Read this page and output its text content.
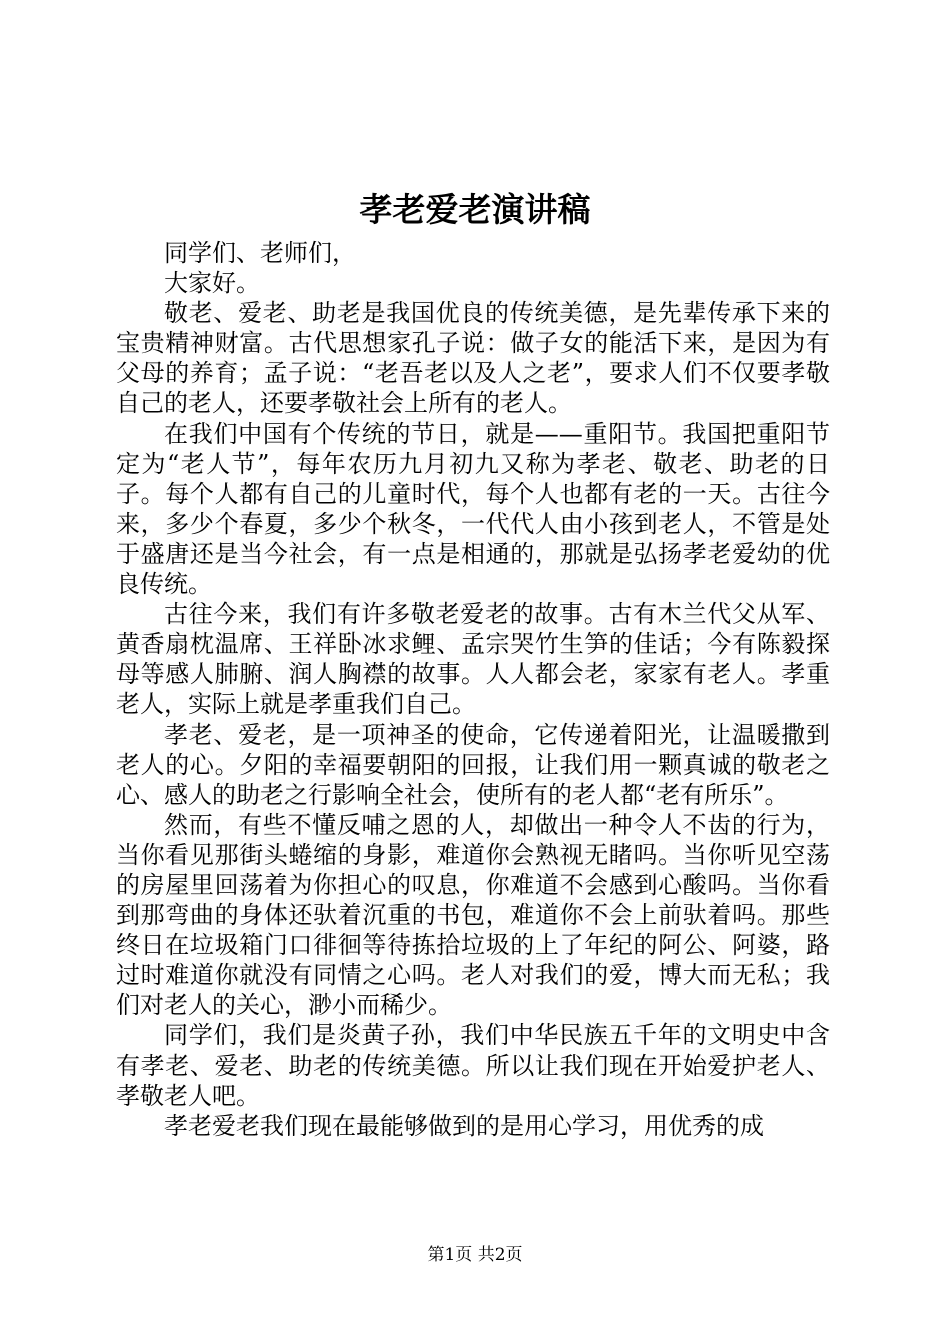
孝老爱老演讲稿

同学们、老师们，

大家好。

敬老、爱老、助老是我国优良的传统美德，是先辈传承下来的宝贵精神财富。古代思想家孔子说：做子女的能活下来，是因为有父母的养育；孟子说：“老吾老以及人之老”，要求人们不仅要孝敬自己的老人，还要孝敬社会上所有的老人。

在我们中国有个传统的节日，就是——重阳节。我国把重阳节定为“老人节”，每年农历九月初九又称为孝老、敬老、助老的日子。每个人都有自己的儿童时代，每个人也都有老的一天。古往今来，多少个春夏，多少个秋冬，一代代人由小孩到老人，不管是处于盛唐还是当今社会，有一点是相通的，那就是弘扬孝老爱幼的优良传统。

古往今来，我们有许多敬老爱老的故事。古有木兰代父从军、黄香扇枕温席、王祥卧冰求鲤、孟宗哭竹生笋的佳话；今有陈毅探母等感人肺腑、润人胸襟的故事。人人都会老，家家有老人。孝重老人，实际上就是孝重我们自己。

孝老、爱老，是一项神圣的使命，它传递着阳光，让温暖撒到老人的心。夕阳的幸福要朝阳的回报，让我们用一颗真诚的敬老之心、感人的助老之行影响全社会，使所有的老人都“老有所乐”。

然而，有些不懂反哺之恩的人，却做出一种令人不齿的行为，当你看见那街头蜷缩的身影，难道你会熟视无睹吗。当你听见空荡的房屋里回荡着为你担心的叹息，你难道不会感到心酸吗。当你看到那弯曲的身体还驮着沉重的书包，难道你不会上前驮着吗。那些终日在垃圾箱门口徘徊等待拣拾垃圾的上了年纪的阿公、阿婆，路过时难道你就没有同情之心吗。老人对我们的爱，博大而无私；我们对老人的关心，渺小而稀少。

同学们，我们是炎黄子孙，我们中华民族五千年的文明史中含有孝老、爱老、助老的传统美德。所以让我们现在开始爱护老人、孝敬老人吧。

孝老爱老我们现在最能够做到的是用心学习，用优秀的成

第1页 共2页
